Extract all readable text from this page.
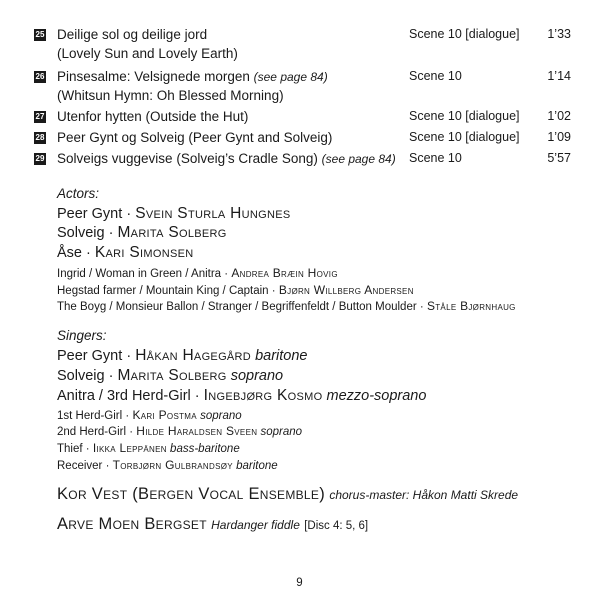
25 Deilige sol og deilige jord
(Lovely Sun and Lovely Earth)
Scene 10 [dialogue] 1’33
26 Pinsesalme: Velsignede morgen (see page 84)
(Whitsun Hymn: Oh Blessed Morning)
Scene 10	1’14
27 Utenfor hytten (Outside the Hut)	Scene 10 [dialogue] 1’02
28 Peer Gynt og Solveig (Peer Gynt and Solveig)	Scene 10 [dialogue] 1’09
29 Solveigs vuggevise (Solveig’s Cradle Song) (see page 84) Scene 10	5’57
Actors:
Peer Gynt · Svein Sturla Hungnes
Solveig · Marita Solberg
Åse · Kari Simonsen
Ingrid / Woman in Green / Anitra · Andrea Bræin Hovig
Hegstad farmer / Mountain King / Captain · Bjørn Willberg Andersen
The Boyg / Monsieur Ballon / Stranger / Begriffenfeldt / Button Moulder · Ståle Bjørnhaug
Singers:
Peer Gynt · Håkan Hagegård baritone
Solveig · Marita Solberg soprano
Anitra / 3rd Herd-Girl · Ingebjørg Kosmo mezzo-soprano
1st Herd-Girl · Kari Postma soprano
2nd Herd-Girl · Hilde Haraldsen Sveen soprano
Thief · Iikka Leppänen bass-baritone
Receiver · Torbjørn Gulbrandsøy baritone
Kor Vest (Bergen Vocal Ensemble) chorus-master: Håkon Matti Skrede
Arve Moen Bergset Hardanger fiddle [Disc 4: 5, 6]
9
